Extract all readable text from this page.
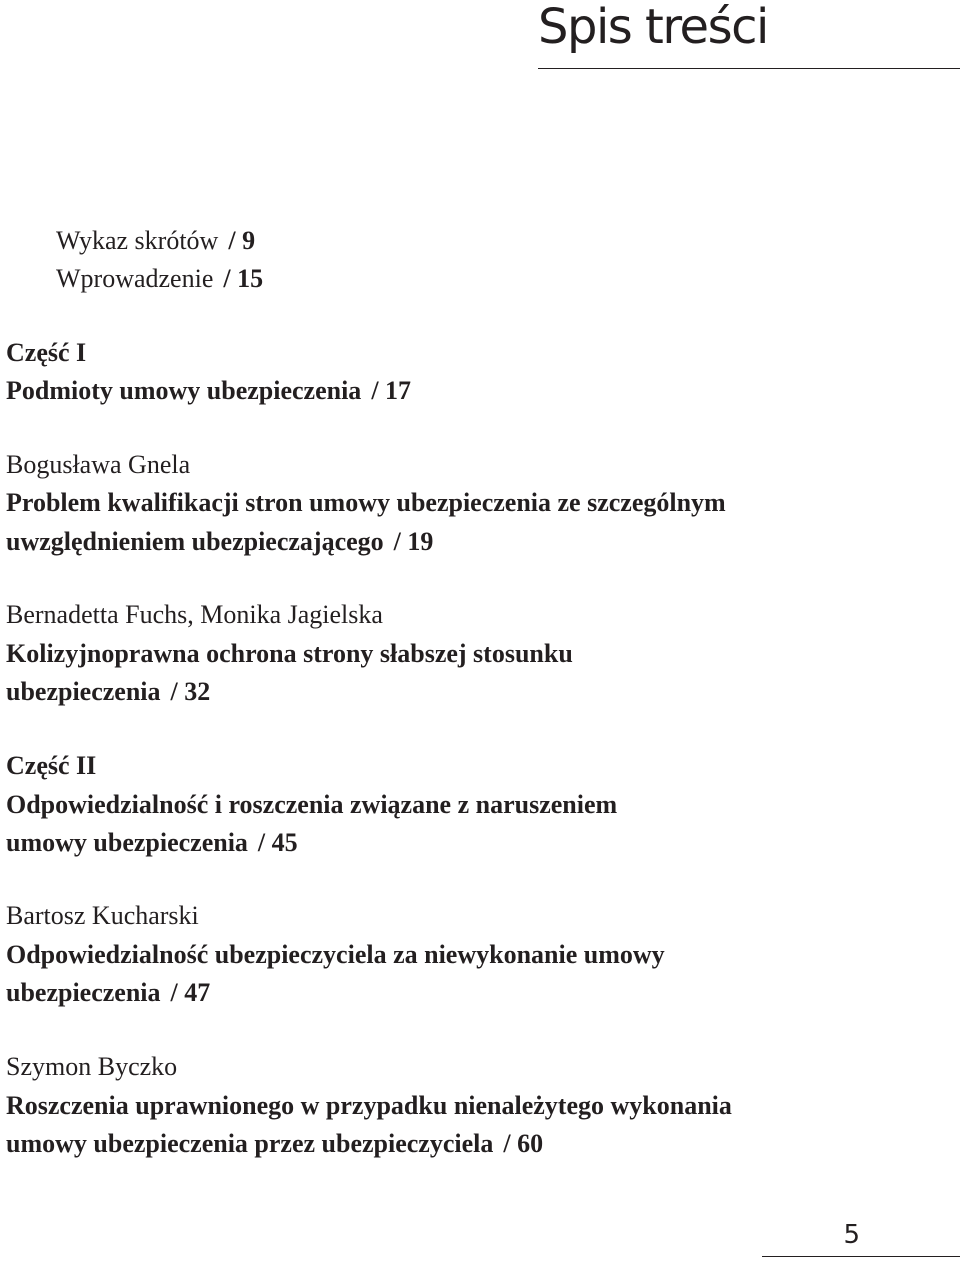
Spis treści
Wykaz skrótów / 9
Wprowadzenie / 15
Część I
Podmioty umowy ubezpieczenia / 17
Bogusława Gnela
Problem kwalifikacji stron umowy ubezpieczenia ze szczególnym
uwzględnieniem ubezpieczającego / 19
Bernadetta Fuchs, Monika Jagielska
Kolizyjnoprawna ochrona strony słabszej stosunku
ubezpieczenia / 32
Część II
Odpowiedzialność i roszczenia związane z naruszeniem
umowy ubezpieczenia / 45
Bartosz Kucharski
Odpowiedzialność ubezpieczyciela za niewykonanie umowy
ubezpieczenia / 47
Szymon Byczko
Roszczenia uprawnionego w przypadku nienależytego wykonania
umowy ubezpieczenia przez ubezpieczyciela / 60
5
